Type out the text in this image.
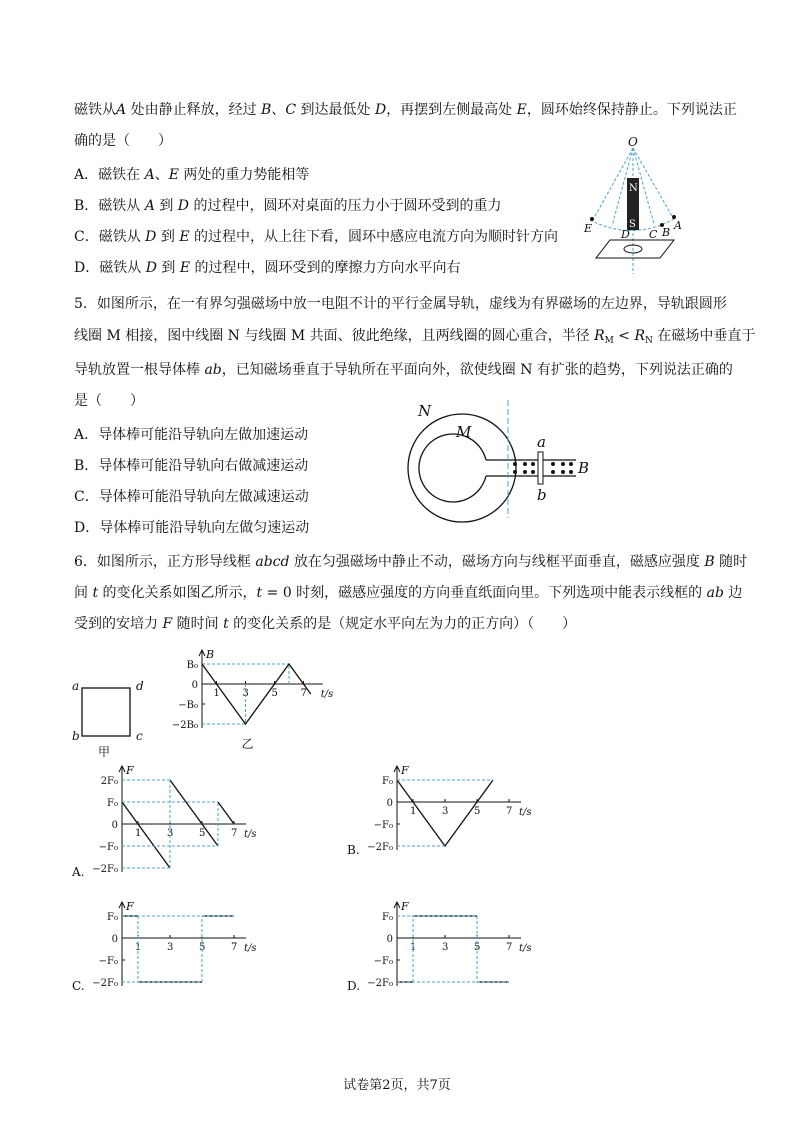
磁铁从A 处由静止释放，经过 B、C 到达最低处 D，再摆到左侧最高处 E，圆环始终保持静止。下列说法正
确的是（　　）
A．磁铁在 A、E 两处的重力势能相等
B．磁铁从 A 到 D 的过程中，圆环对桌面的压力小于圆环受到的重力
C．磁铁从 D 到 E 的过程中，从上往下看，圆环中感应电流方向为顺时针方向
D．磁铁从 D 到 E 的过程中，圆环受到的摩擦力方向水平向右
O
N
S
E	A
B
C
D
5．如图所示，在一有界匀强磁场中放一电阻不计的平行金属导轨，虚线为有界磁场的左边界，导轨跟圆形
线圈 M 相接，图中线圈 N 与线圈 M 共面、彼此绝缘，且两线圈的圆心重合，半径 $R_M < R_N$ 在磁场中垂直于
导轨放置一根导体棒 ab，已知磁场垂直于导轨所在平面向外，欲使线圈 N 有扩张的趋势，下列说法正确的
是（　　）
A．导体棒可能沿导轨向左做加速运动
B．导体棒可能沿导轨向右做减速运动
C．导体棒可能沿导轨向左做减速运动
D．导体棒可能沿导轨向左做匀速运动
N
M
a
b
B
6．如图所示，正方形导线框 abcd 放在匀强磁场中静止不动，磁场方向与线框平面垂直，磁感应强度 B 随时
间 t 的变化关系如图乙所示，t = 0 时刻，磁感应强度的方向垂直纸面向里。下列选项中能表示线框的 ab 边
受到的安培力 F 随时间 t 的变化关系的是（规定水平向左为力的正方向）（　　）
a	d
b	c
甲
B
t/s
B₀
0
−B₀
−2B₀
1 3 5 7
乙
F
t/s
2F₀
F₀
0
−F₀
−2F₀
1	3	5	7
A.
F
t/s
F₀
0
−F₀
−2F₀
1	3	5	7
B.
F
t/s
F₀
0
−F₀
−2F₀
1	3	5	7
C.
F
t/s
F₀
0
−F₀
−2F₀
1	3	5	7
D.
试卷第2页，共7页
